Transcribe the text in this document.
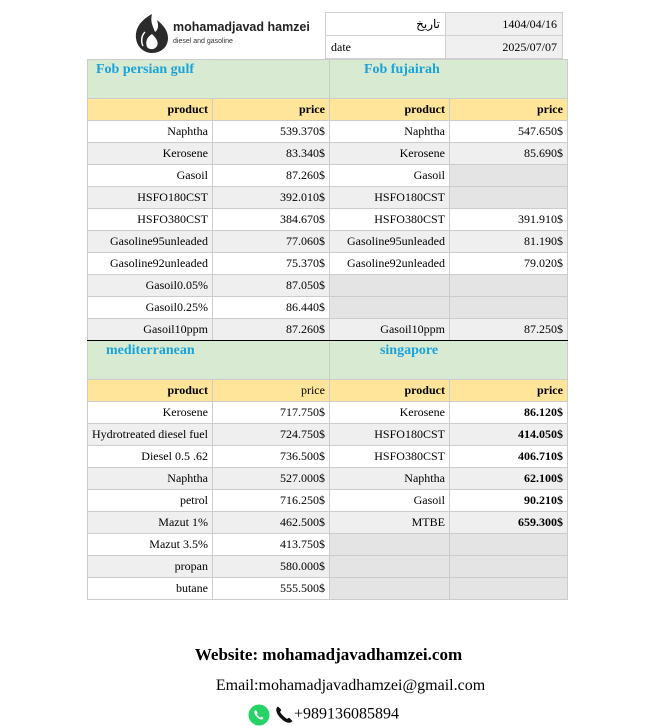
mohamadjavad hamzei
diesel and gasoline
تاریخ	1404/04/16
date	2025/07/07
Fob persian gulf		Fob fujairah	
product	price	product	price
Naphtha	539.370$	Naphtha	547.650$
Kerosene	83.340$	Kerosene	85.690$
Gasoil	87.260$	Gasoil	
HSFO180CST	392.010$	HSFO180CST	
HSFO380CST	384.670$	HSFO380CST	391.910$
Gasoline95unleaded	77.060$	Gasoline95unleaded	81.190$
Gasoline92unleaded	75.370$	Gasoline92unleaded	79.020$
Gasoil0.05%	87.050$		
Gasoil0.25%	86.440$		
Gasoil10ppm	87.260$	Gasoil10ppm	87.250$
mediterranean		singapore	
product	price	product	price
Kerosene	717.750$	Kerosene	86.120$
Hydrotreated diesel fuel	724.750$	HSFO180CST	414.050$
Diesel 0.5 .62	736.500$	HSFO380CST	406.710$
Naphtha	527.000$	Naphtha	62.100$
petrol	716.250$	Gasoil	90.210$
Mazut 1%	462.500$	MTBE	659.300$
Mazut 3.5%	413.750$		
propan	580.000$		
butane	555.500$		
Website: mohamadjavadhamzei.com
Email:mohamadjavadhamzei@gmail.com
+989136085894
